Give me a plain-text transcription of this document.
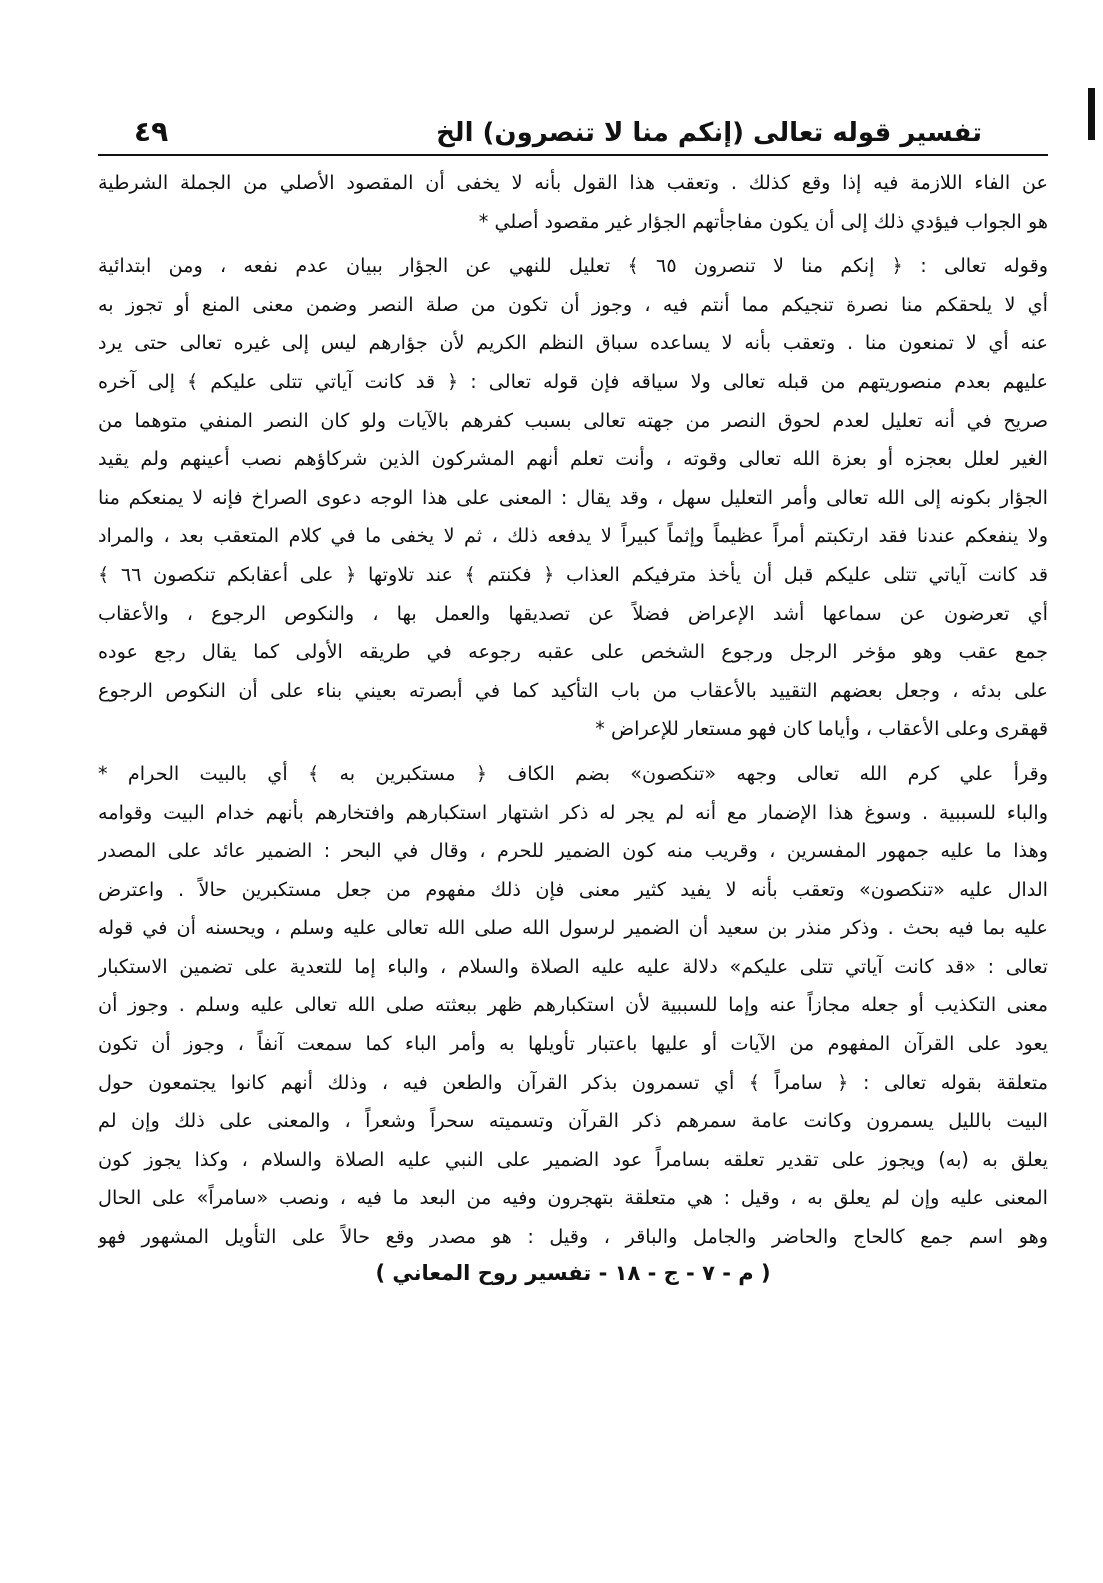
تفسير قوله تعالى (إنكم منا لا تنصرون) الخ
٤٩

عن الفاء اللازمة فيه إذا وقع كذلك . وتعقب هذا القول بأنه لا يخفى أن المقصود الأصلي من الجملة الشرطية
هو الجواب فيؤدي ذلك إلى أن يكون مفاجأتهم الجؤار غير مقصود أصلي *

وقوله تعالى : ﴿ إنكم منا لا تنصرون ٦٥ ﴾ تعليل للنهي عن الجؤار ببيان عدم نفعه ، ومن ابتدائية
أي لا يلحقكم منا نصرة تنجيكم مما أنتم فيه ، وجوز أن تكون من صلة النصر وضمن معنى المنع أو تجوز به
عنه أي لا تمنعون منا . وتعقب بأنه لا يساعده سباق النظم الكريم لأن جؤارهم ليس إلى غيره تعالى حتى يرد
عليهم بعدم منصوريتهم من قبله تعالى ولا سياقه فإن قوله تعالى : ﴿ قد كانت آياتي تتلى عليكم ﴾ إلى آخره
صريح في أنه تعليل لعدم لحوق النصر من جهته تعالى بسبب كفرهم بالآيات ولو كان النصر المنفي متوهما من
الغير لعلل بعجزه أو بعزة الله تعالى وقوته ، وأنت تعلم أنهم المشركون الذين شركاؤهم نصب أعينهم ولم يقيد
الجؤار بكونه إلى الله تعالى وأمر التعليل سهل ، وقد يقال : المعنى على هذا الوجه دعوى الصراخ فإنه لا يمنعكم منا
ولا ينفعكم عندنا فقد ارتكبتم أمراً عظيماً وإثماً كبيراً لا يدفعه ذلك ، ثم لا يخفى ما في كلام المتعقب بعد ، والمراد
قد كانت آياتي تتلى عليكم قبل أن يأخذ مترفيكم العذاب ﴿ فكنتم ﴾ عند تلاوتها ﴿ على أعقابكم تنكصون ٦٦ ﴾
أي تعرضون عن سماعها أشد الإعراض فضلاً عن تصديقها والعمل بها ، والنكوص الرجوع ، والأعقاب
جمع عقب وهو مؤخر الرجل ورجوع الشخص على عقبه رجوعه في طريقه الأولى كما يقال رجع عوده
على بدئه ، وجعل بعضهم التقييد بالأعقاب من باب التأكيد كما في أبصرته بعيني بناء على أن النكوص الرجوع
قهقرى وعلى الأعقاب ، وأياما كان فهو مستعار للإعراض *

وقرأ علي كرم الله تعالى وجهه «تنكصون» بضم الكاف ﴿ مستكبرين به ﴾ أي بالبيت الحرام *
والباء للسببية . وسوغ هذا الإضمار مع أنه لم يجر له ذكر اشتهار استكبارهم وافتخارهم بأنهم خدام البيت وقوامه
وهذا ما عليه جمهور المفسرين ، وقريب منه كون الضمير للحرم ، وقال في البحر : الضمير عائد على المصدر
الدال عليه «تنكصون» وتعقب بأنه لا يفيد كثير معنى فإن ذلك مفهوم من جعل مستكبرين حالاً . واعترض
عليه بما فيه بحث . وذكر منذر بن سعيد أن الضمير لرسول الله صلى الله تعالى عليه وسلم ، ويحسنه أن في قوله
تعالى : «قد كانت آياتي تتلى عليكم» دلالة عليه عليه الصلاة والسلام ، والباء إما للتعدية على تضمين الاستكبار
معنى التكذيب أو جعله مجازاً عنه وإما للسببية لأن استكبارهم ظهر ببعثته صلى الله تعالى عليه وسلم . وجوز أن
يعود على القرآن المفهوم من الآيات أو عليها باعتبار تأويلها به وأمر الباء كما سمعت آنفاً ، وجوز أن تكون
متعلقة بقوله تعالى : ﴿ سامراً ﴾ أي تسمرون بذكر القرآن والطعن فيه ، وذلك أنهم كانوا يجتمعون حول
البيت بالليل يسمرون وكانت عامة سمرهم ذكر القرآن وتسميته سحراً وشعراً ، والمعنى على ذلك وإن لم
يعلق به (به) ويجوز على تقدير تعلقه بسامراً عود الضمير على النبي عليه الصلاة والسلام ، وكذا يجوز كون
المعنى عليه وإن لم يعلق به ، وقيل : هي متعلقة بتهجرون وفيه من البعد ما فيه ، ونصب «سامراً» على الحال
وهو اسم جمع كالحاج والحاضر والجامل والباقر ، وقيل : هو مصدر وقع حالاً على التأويل المشهور فهو

( م - ٧ - ج - ١٨ - تفسير روح المعاني )
